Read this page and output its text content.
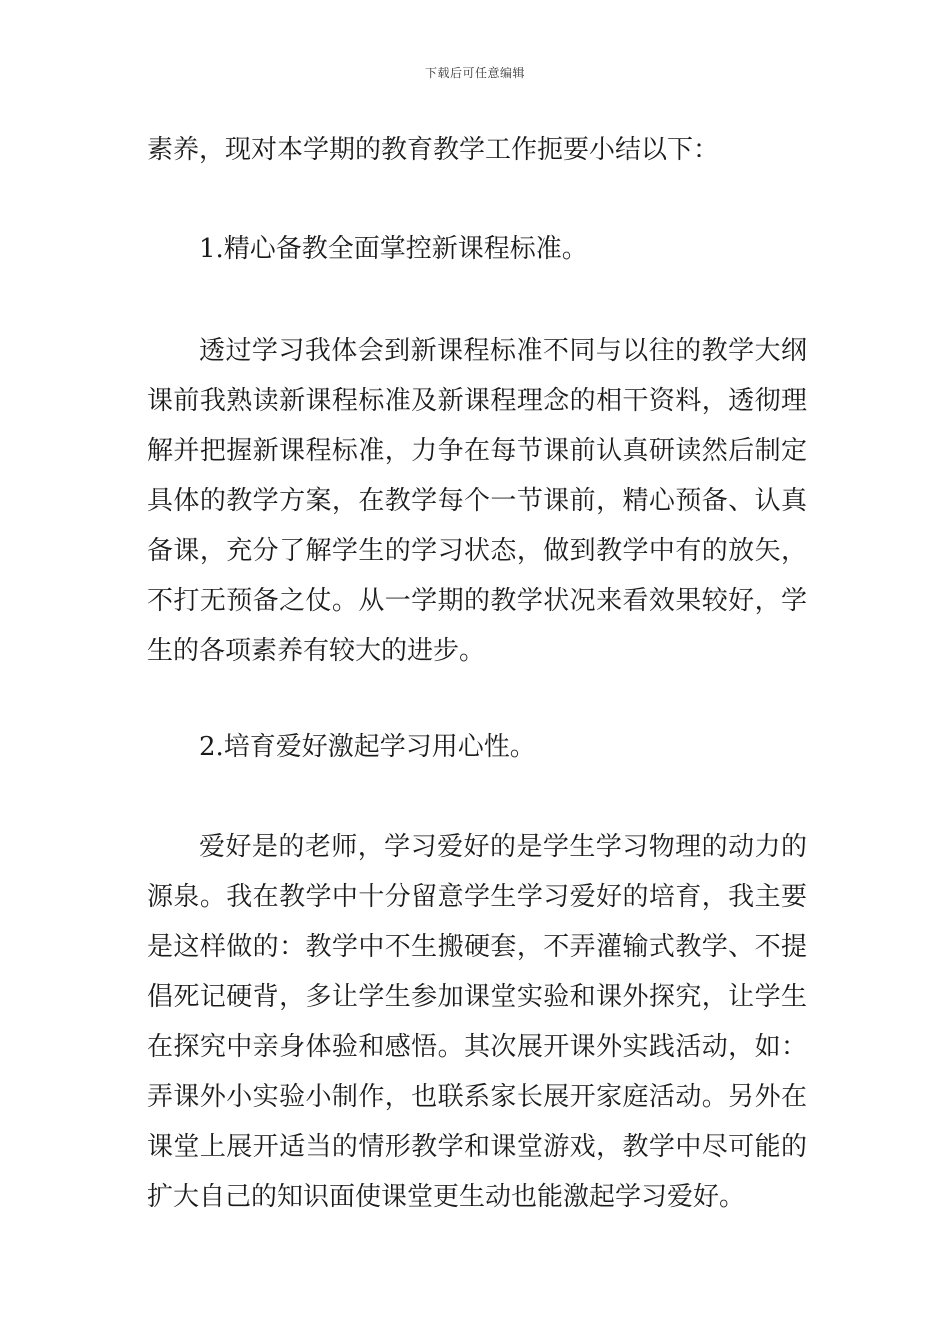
下载后可任意编辑
素养，现对本学期的教育教学工作扼要小结以下：
1.精心备教全面掌控新课程标准。
透过学习我体会到新课程标准不同与以往的教学大纲课前我熟读新课程标准及新课程理念的相干资料，透彻理解并把握新课程标准，力争在每节课前认真研读然后制定具体的教学方案，在教学每个一节课前，精心预备、认真备课，充分了解学生的学习状态，做到教学中有的放矢，不打无预备之仗。从一学期的教学状况来看效果较好，学生的各项素养有较大的进步。
2.培育爱好激起学习用心性。
爱好是的老师，学习爱好的是学生学习物理的动力的源泉。我在教学中十分留意学生学习爱好的培育，我主要是这样做的：教学中不生搬硬套，不弄灌输式教学、不提倡死记硬背，多让学生参加课堂实验和课外探究，让学生在探究中亲身体验和感悟。其次展开课外实践活动，如：弄课外小实验小制作，也联系家长展开家庭活动。另外在课堂上展开适当的情形教学和课堂游戏，教学中尽可能的扩大自己的知识面使课堂更生动也能激起学习爱好。
